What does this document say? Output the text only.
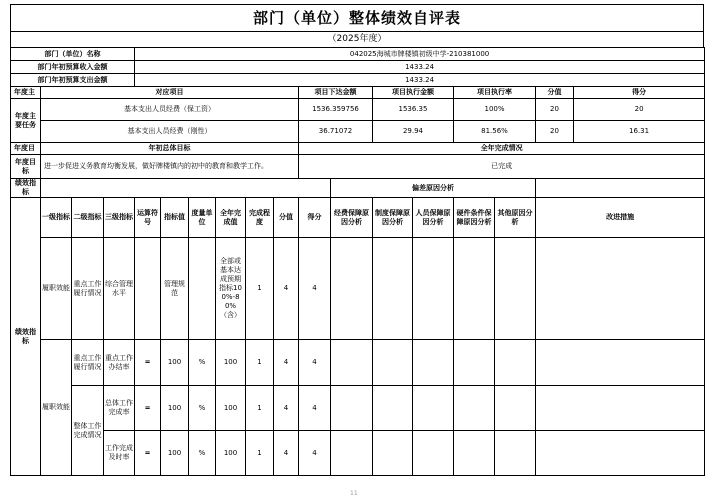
部门（单位）整体绩效自评表
（2025年度）
部门（单位）名称				042025海城市牌楼镇初级中学-210381000													
部门年初预算收入金额				1433.24													
部门年初预算支出金额				1433.24													
年度主	对应项目									项目下达金额		项目执行金额		项目执行率		分值	得分
年度主
要任务	基本支出人员经费（保工资）									1536.359756		1536.35		100%		20	20
	基本支出人员经费（刚性）									36.71072		29.94		81.56%		20	16.31
年度目	年初总体目标									全年完成情况							
年度目
标	进一步促进义务教育均衡发展，做好牌楼镇内的初中的教育和教学工作。									已完成							
绩效指标											偏差原因分析						
绩效指标	一级指标	二级指标	三级指标	运算符号	指标值	度量单位	全年完成值	完成程度	分值	得分	经费保障原因分析	制度保障原因分析	人员保障原因分析	硬件条件保障原因分析	其他原因分析	改进措施	
	履职效能	重点工作履行情况	综合管理水平		管理规范		全部或基本达成预期指标100%-80%（含）	1	4	4							
	履职效能	重点工作履行情况	重点工作办结率	=	100	%	100	1	4	4							
		整体工作完成情况	总体工作完成率	=	100	%	100	1	4	4							
			工作完成及时率	=	100	%	100	1	4	4							
11
